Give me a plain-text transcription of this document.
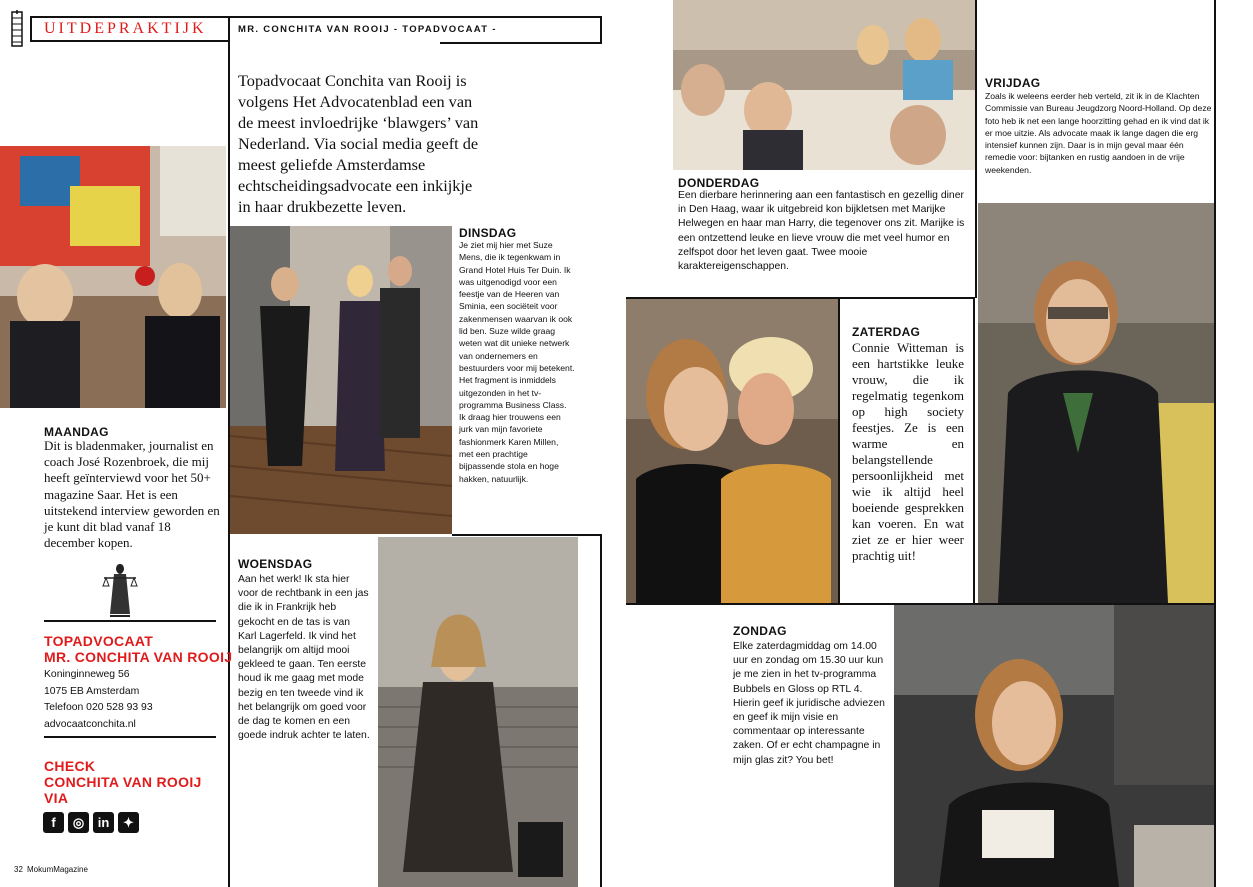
UITDEPRAKTIJK	MR. CONCHITA VAN ROOIJ - TOPADVOCAAT -
Topadvocaat Conchita van Rooij is volgens Het Advocatenblad een van de meest invloedrijke ‘blawgers’ van Nederland. Via social media geeft de meest geliefde Amsterdamse echtscheidingsadvocate een inkijkje in haar drukbezette leven.
MAANDAG
Dit is bladenmaker, journalist en coach José Rozenbroek, die mij heeft geïnterviewd voor het 50+ magazine Saar. Het is een uitstekend interview geworden en je kunt dit blad vanaf 18 december kopen.
TOPADVOCAAT
MR. CONCHITA VAN ROOIJ
Koninginneweg 56
1075 EB Amsterdam
Telefoon 020 528 93 93
advocaatconchita.nl
CHECK
CONCHITA VAN ROOIJ
VIA
f ◎ in ✦
32 MokumMagazine
DINSDAG
Je ziet mij hier met Suze Mens, die ik tegenkwam in Grand Hotel Huis Ter Duin. Ik was uitgenodigd voor een feestje van de Heeren van Sminia, een sociëteit voor zakenmensen waarvan ik ook lid ben. Suze wilde graag weten wat dit unieke netwerk van ondernemers en bestuurders voor mij betekent. Het fragment is inmiddels uitgezonden in het tv-programma Business Class. Ik draag hier trouwens een jurk van mijn favoriete fashionmerk Karen Millen, met een prachtige bijpassende stola en hoge hakken, natuurlijk.
WOENSDAG
Aan het werk! Ik sta hier voor de rechtbank in een jas die ik in Frankrijk heb gekocht en de tas is van Karl Lagerfeld. Ik vind het belangrijk om altijd mooi gekleed te gaan. Ten eerste houd ik me gaag met mode bezig en ten tweede vind ik het belangrijk om goed voor de dag te komen en een goede indruk achter te laten.
DONDERDAG
Een dierbare herinnering aan een fantastisch en gezellig diner in Den Haag, waar ik uitgebreid kon bijkletsen met Marijke Helwegen en haar man Harry, die tegenover ons zit. Marijke is een ontzettend leuke en lieve vrouw die met veel humor en zelfspot door het leven gaat. Twee mooie karaktereigenschappen.
VRIJDAG
Zoals ik weleens eerder heb verteld, zit ik in de Klachten Commissie van Bureau Jeugdzorg Noord-Holland. Op deze foto heb ik net een lange hoorzitting gehad en ik vind dat ik er moe uitzie. Als advocate maak ik lange dagen die erg intensief kunnen zijn. Daar is in mijn geval maar één remedie voor: bijtanken en rustig aandoen in de vrije weekenden.
ZATERDAG
Connie Witteman is een hartstikke leuke vrouw, die ik regelmatig tegenkom op high society feestjes. Ze is een warme en belangstellende persoonlijkheid met wie ik altijd heel boeiende gesprekken kan voeren. En wat ziet ze er hier weer prachtig uit!
ZONDAG
Elke zaterdagmiddag om 14.00 uur en zondag om 15.30 uur kun je me zien in het tv-programma Bubbels en Gloss op RTL 4. Hierin geef ik juridische adviezen en geef ik mijn visie en commentaar op interessante zaken. Of er echt champagne in mijn glas zit? You bet!
